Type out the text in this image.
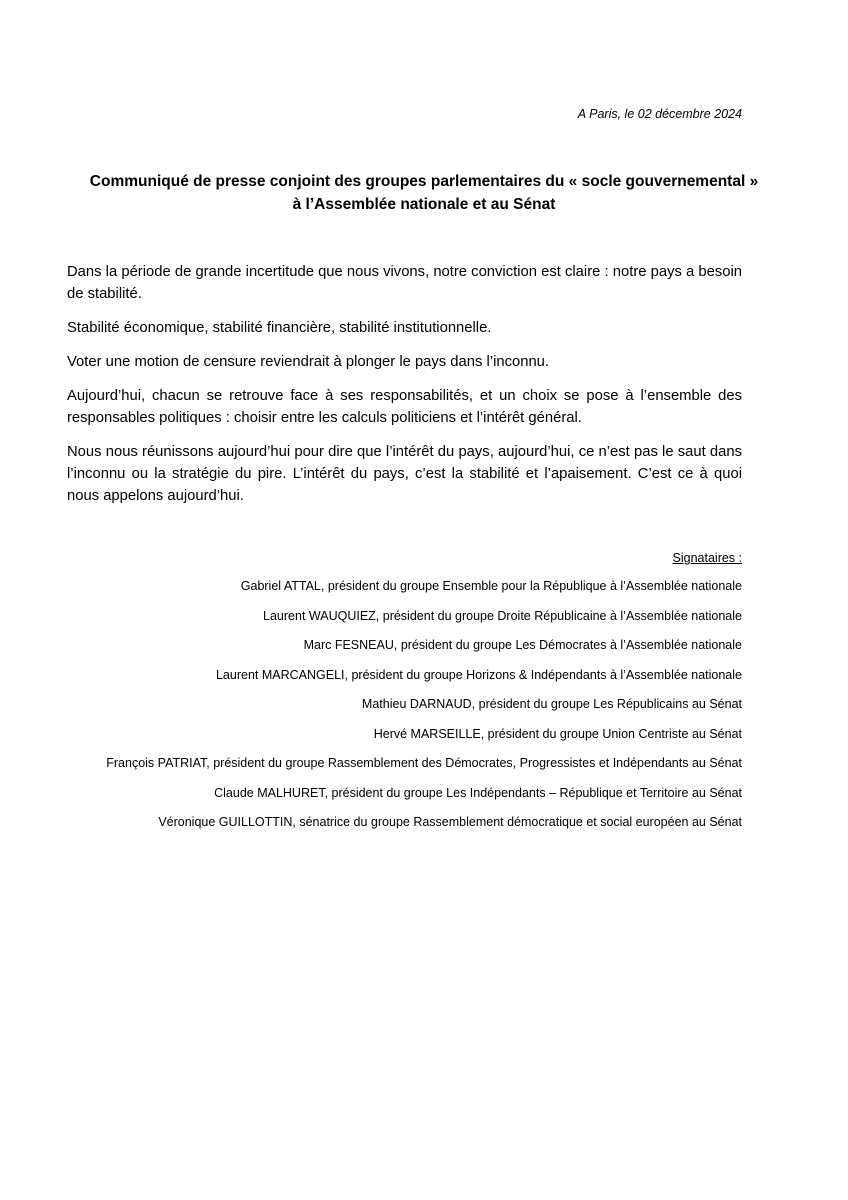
A Paris, le 02 décembre 2024
Communiqué de presse conjoint des groupes parlementaires du « socle gouvernemental »
à l’Assemblée nationale et au Sénat

Dans la période de grande incertitude que nous vivons, notre conviction est claire : notre pays a besoin de stabilité.

Stabilité économique, stabilité financière, stabilité institutionnelle.

Voter une motion de censure reviendrait à plonger le pays dans l’inconnu.

Aujourd’hui, chacun se retrouve face à ses responsabilités, et un choix se pose à l’ensemble des responsables politiques : choisir entre les calculs politiciens et l’intérêt général.

Nous nous réunissons aujourd’hui pour dire que l’intérêt du pays, aujourd’hui, ce n’est pas le saut dans l’inconnu ou la stratégie du pire. L’intérêt du pays, c’est la stabilité et l’apaisement. C’est ce à quoi nous appelons aujourd’hui.

Signataires :
Gabriel ATTAL, président du groupe Ensemble pour la République à l’Assemblée nationale
Laurent WAUQUIEZ, président du groupe Droite Républicaine à l’Assemblée nationale
Marc FESNEAU, président du groupe Les Démocrates à l’Assemblée nationale
Laurent MARCANGELI, président du groupe Horizons & Indépendants à l’Assemblée nationale
Mathieu DARNAUD, président du groupe Les Républicains au Sénat
Hervé MARSEILLE, président du groupe Union Centriste au Sénat
François PATRIAT, président du groupe Rassemblement des Démocrates, Progressistes et Indépendants au Sénat
Claude MALHURET, président du groupe Les Indépendants – République et Territoire au Sénat
Véronique GUILLOTTIN, sénatrice du groupe Rassemblement démocratique et social européen au Sénat
